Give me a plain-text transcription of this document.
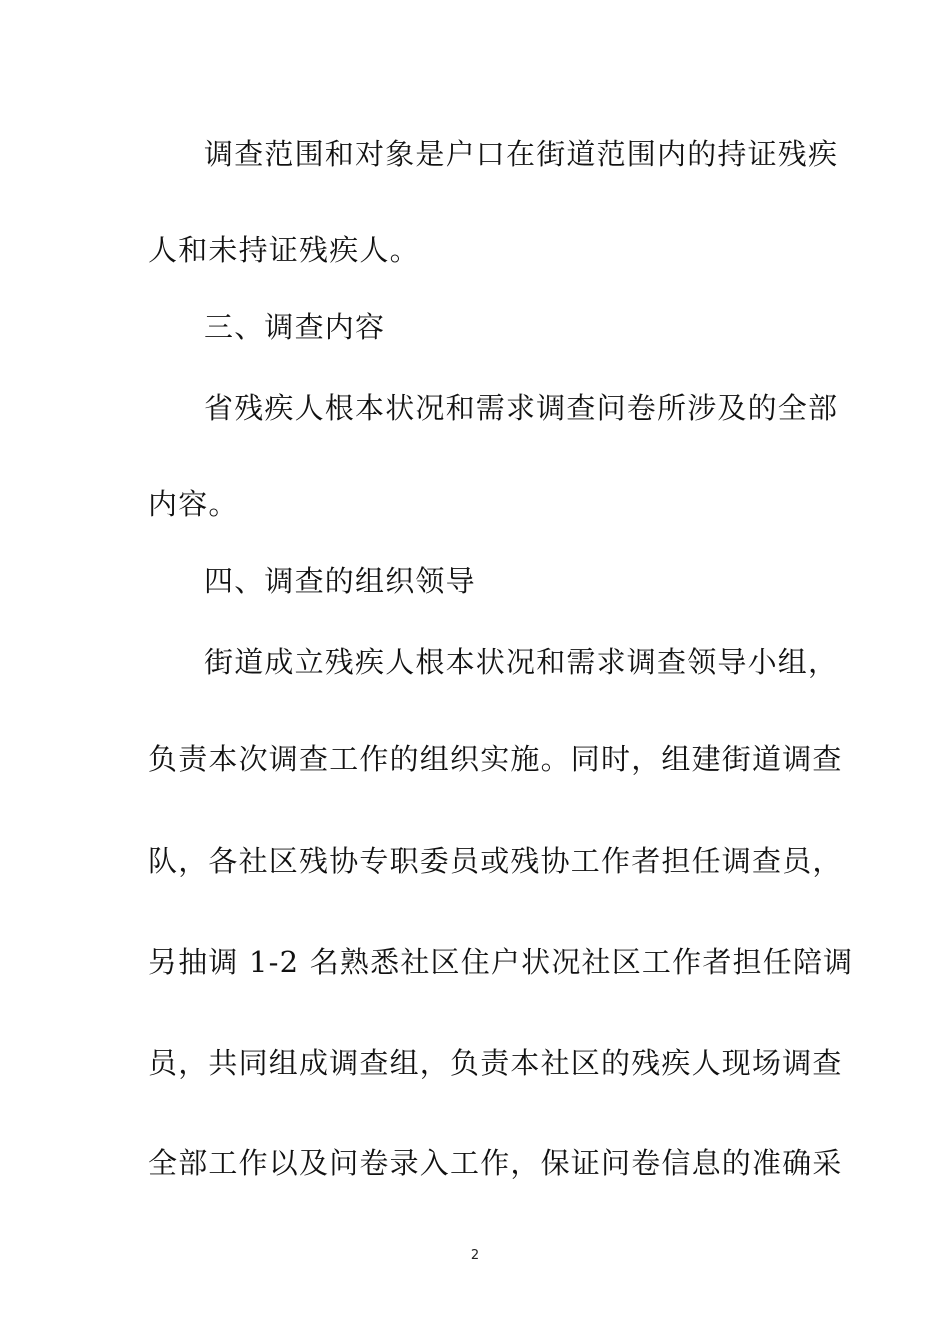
调查范围和对象是户口在街道范围内的持证残疾
人和未持证残疾人。
三、调查内容
省残疾人根本状况和需求调查问卷所涉及的全部
内容。
四、调查的组织领导
街道成立残疾人根本状况和需求调查领导小组，
负责本次调查工作的组织实施。同时，组建街道调查
队，各社区残协专职委员或残协工作者担任调查员，
另抽调 1-2 名熟悉社区住户状况社区工作者担任陪调
员，共同组成调查组，负责本社区的残疾人现场调查
全部工作以及问卷录入工作，保证问卷信息的准确采
2
